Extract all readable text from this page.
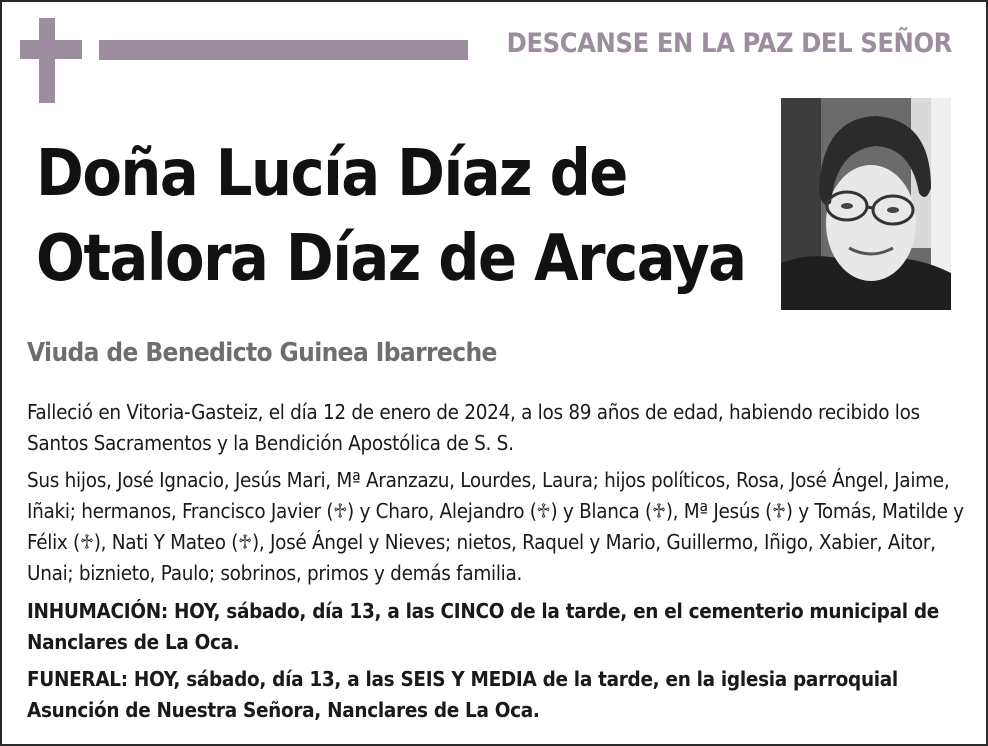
DESCANSE EN LA PAZ DEL SEÑOR
Doña Lucía Díaz de
Otalora Díaz de Arcaya
Viuda de Benedicto Guinea Ibarreche

Falleció en Vitoria-Gasteiz, el día 12 de enero de 2024, a los 89 años de edad, habiendo recibido los Santos Sacramentos y la Bendición Apostólica de S. S.

Sus hijos, José Ignacio, Jesús Mari, Mª Aranzazu, Lourdes, Laura; hijos políticos, Rosa, José Ángel, Jaime, Iñaki; hermanos, Francisco Javier (♱) y Charo, Alejandro (♱) y Blanca (♱), Mª Jesús (♱) y Tomás, Matilde y Félix (♱), Nati Y Mateo (♱), José Ángel y Nieves; nietos, Raquel y Mario, Guillermo, Iñigo, Xabier, Aitor, Unai; biznieto, Paulo; sobrinos, primos y demás familia.

INHUMACIÓN: HOY, sábado, día 13, a las CINCO de la tarde, en el cementerio municipal de Nanclares de La Oca.

FUNERAL: HOY, sábado, día 13, a las SEIS Y MEDIA de la tarde, en la iglesia parroquial Asunción de Nuestra Señora, Nanclares de La Oca.
